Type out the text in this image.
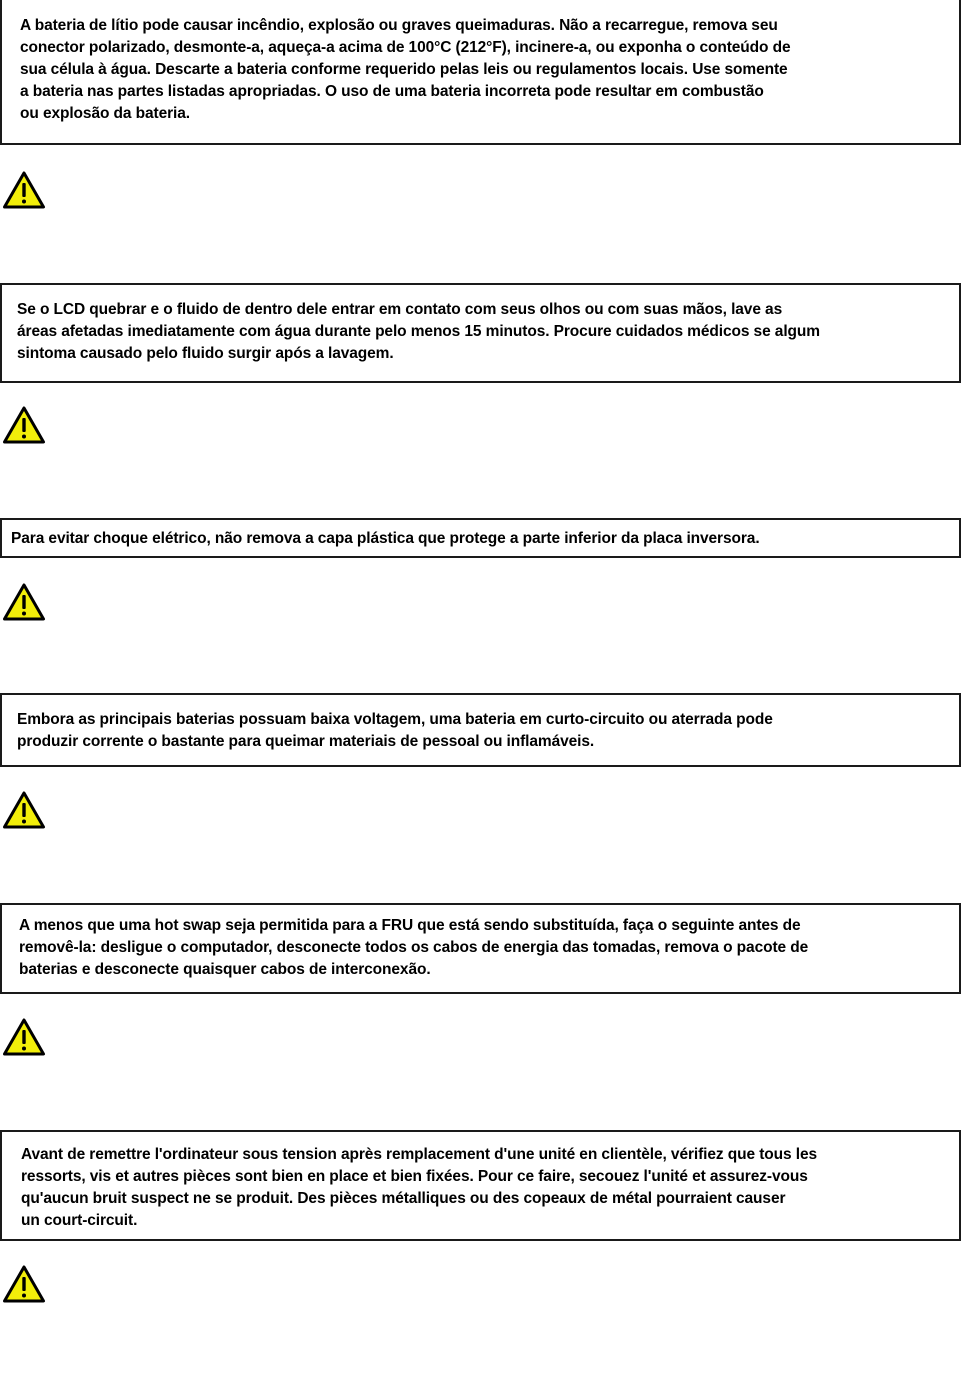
A bateria de lítio pode causar incêndio, explosão ou graves queimaduras. Não a recarregue, remova seu
conector polarizado, desmonte-a, aqueça-a acima de 100°C (212°F), incinere-a, ou exponha o conteúdo de
sua célula à água. Descarte a bateria conforme requerido pelas leis ou regulamentos locais. Use somente
a bateria nas partes listadas apropriadas. O uso de uma bateria incorreta pode resultar em combustão
ou explosão da bateria.

Se o LCD quebrar e o fluido de dentro dele entrar em contato com seus olhos ou com suas mãos, lave as
áreas afetadas imediatamente com água durante pelo menos 15 minutos. Procure cuidados médicos se algum
sintoma causado pelo fluido surgir após a lavagem.

Para evitar choque elétrico, não remova a capa plástica que protege a parte inferior da placa inversora.

Embora as principais baterias possuam baixa voltagem, uma bateria em curto-circuito ou aterrada pode
produzir corrente o bastante para queimar materiais de pessoal ou inflamáveis.

A menos que uma hot swap seja permitida para a FRU que está sendo substituída, faça o seguinte antes de
removê-la: desligue o computador, desconecte todos os cabos de energia das tomadas, remova o pacote de
baterias e desconecte quaisquer cabos de interconexão.

Avant de remettre l'ordinateur sous tension après remplacement d'une unité en clientèle, vérifiez que tous les
ressorts, vis et autres pièces sont bien en place et bien fixées. Pour ce faire, secouez l'unité et assurez-vous
qu'aucun bruit suspect ne se produit. Des pièces métalliques ou des copeaux de métal pourraient causer
un court-circuit.
